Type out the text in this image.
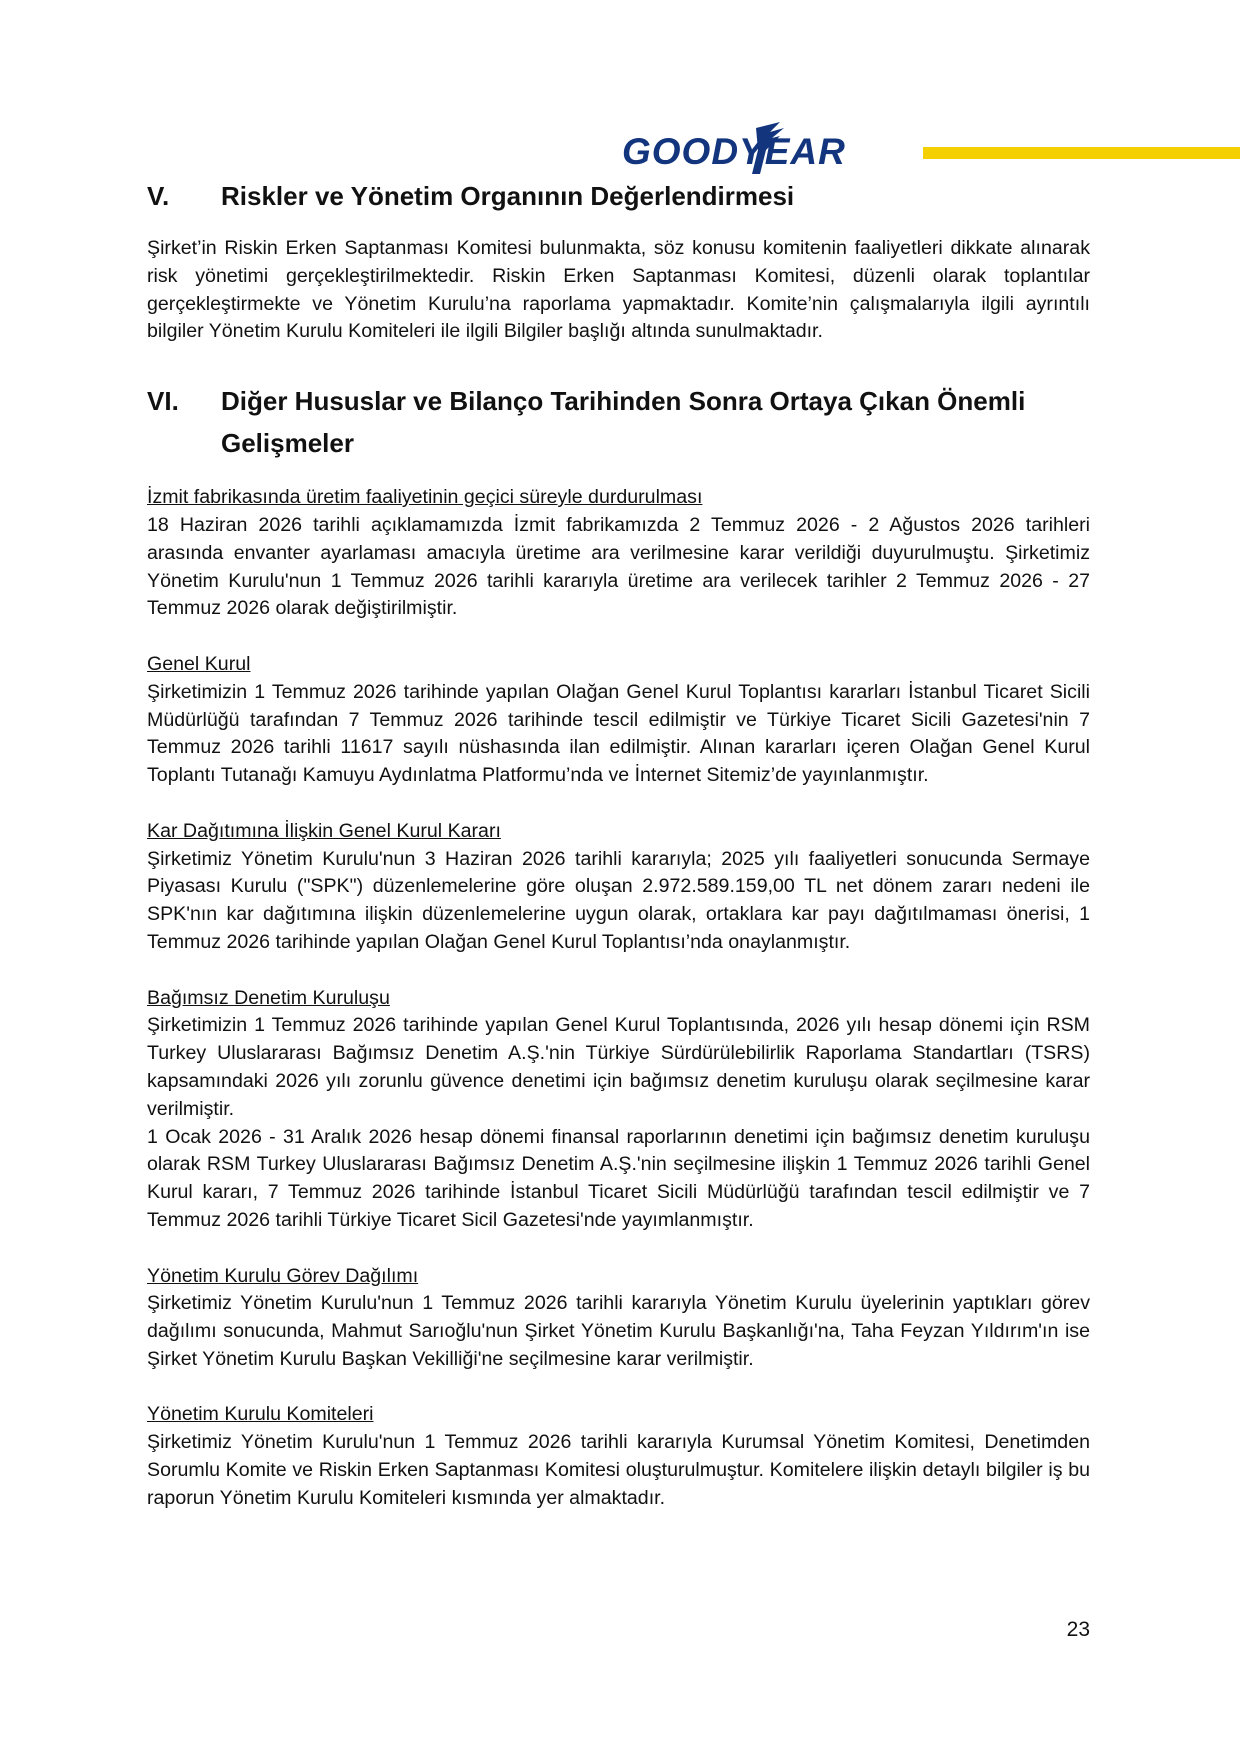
GOODYEAR
V.	Riskler ve Yönetim Organının Değerlendirmesi

Şirket’in Riskin Erken Saptanması Komitesi bulunmakta, söz konusu komitenin faaliyetleri dikkate alınarak risk yönetimi gerçekleştirilmektedir. Riskin Erken Saptanması Komitesi, düzenli olarak toplantılar gerçekleştirmekte ve Yönetim Kurulu’na raporlama yapmaktadır. Komite’nin çalışmalarıyla ilgili ayrıntılı bilgiler Yönetim Kurulu Komiteleri ile ilgili Bilgiler başlığı altında sunulmaktadır.

VI.	Diğer Hususlar ve Bilanço Tarihinden Sonra Ortaya Çıkan Önemli Gelişmeler

İzmit fabrikasında üretim faaliyetinin geçici süreyle durdurulması

18 Haziran 2026 tarihli açıklamamızda İzmit fabrikamızda 2 Temmuz 2026 - 2 Ağustos 2026 tarihleri arasında envanter ayarlaması amacıyla üretime ara verilmesine karar verildiği duyurulmuştu. Şirketimiz Yönetim Kurulu'nun 1 Temmuz 2026 tarihli kararıyla üretime ara verilecek tarihler 2 Temmuz 2026 - 27 Temmuz 2026 olarak değiştirilmiştir.

Genel Kurul

Şirketimizin 1 Temmuz 2026 tarihinde yapılan Olağan Genel Kurul Toplantısı kararları İstanbul Ticaret Sicili Müdürlüğü tarafından 7 Temmuz 2026 tarihinde tescil edilmiştir ve Türkiye Ticaret Sicili Gazetesi'nin 7 Temmuz 2026 tarihli 11617 sayılı nüshasında ilan edilmiştir. Alınan kararları içeren Olağan Genel Kurul Toplantı Tutanağı Kamuyu Aydınlatma Platformu’nda ve İnternet Sitemiz’de yayınlanmıştır.

Kar Dağıtımına İlişkin Genel Kurul Kararı

Şirketimiz Yönetim Kurulu'nun 3 Haziran 2026 tarihli kararıyla; 2025 yılı faaliyetleri sonucunda Sermaye Piyasası Kurulu ("SPK") düzenlemelerine göre oluşan 2.972.589.159,00 TL net dönem zararı nedeni ile SPK'nın kar dağıtımına ilişkin düzenlemelerine uygun olarak, ortaklara kar payı dağıtılmaması önerisi, 1 Temmuz 2026 tarihinde yapılan Olağan Genel Kurul Toplantısı’nda onaylanmıştır.

Bağımsız Denetim Kuruluşu

Şirketimizin 1 Temmuz 2026 tarihinde yapılan Genel Kurul Toplantısında, 2026 yılı hesap dönemi için RSM Turkey Uluslararası Bağımsız Denetim A.Ş.'nin Türkiye Sürdürülebilirlik Raporlama Standartları (TSRS) kapsamındaki 2026 yılı zorunlu güvence denetimi için bağımsız denetim kuruluşu olarak seçilmesine karar verilmiştir.

1 Ocak 2026 - 31 Aralık 2026 hesap dönemi finansal raporlarının denetimi için bağımsız denetim kuruluşu olarak RSM Turkey Uluslararası Bağımsız Denetim A.Ş.'nin seçilmesine ilişkin 1 Temmuz 2026 tarihli Genel Kurul kararı, 7 Temmuz 2026 tarihinde İstanbul Ticaret Sicili Müdürlüğü tarafından tescil edilmiştir ve 7 Temmuz 2026 tarihli Türkiye Ticaret Sicil Gazetesi'nde yayımlanmıştır.

Yönetim Kurulu Görev Dağılımı

Şirketimiz Yönetim Kurulu'nun 1 Temmuz 2026 tarihli kararıyla Yönetim Kurulu üyelerinin yaptıkları görev dağılımı sonucunda, Mahmut Sarıoğlu'nun Şirket Yönetim Kurulu Başkanlığı'na, Taha Feyzan Yıldırım'ın ise Şirket Yönetim Kurulu Başkan Vekilliği'ne seçilmesine karar verilmiştir.

Yönetim Kurulu Komiteleri

Şirketimiz Yönetim Kurulu'nun 1 Temmuz 2026 tarihli kararıyla Kurumsal Yönetim Komitesi, Denetimden Sorumlu Komite ve Riskin Erken Saptanması Komitesi oluşturulmuştur. Komitelere ilişkin detaylı bilgiler iş bu raporun Yönetim Kurulu Komiteleri kısmında yer almaktadır.

23
